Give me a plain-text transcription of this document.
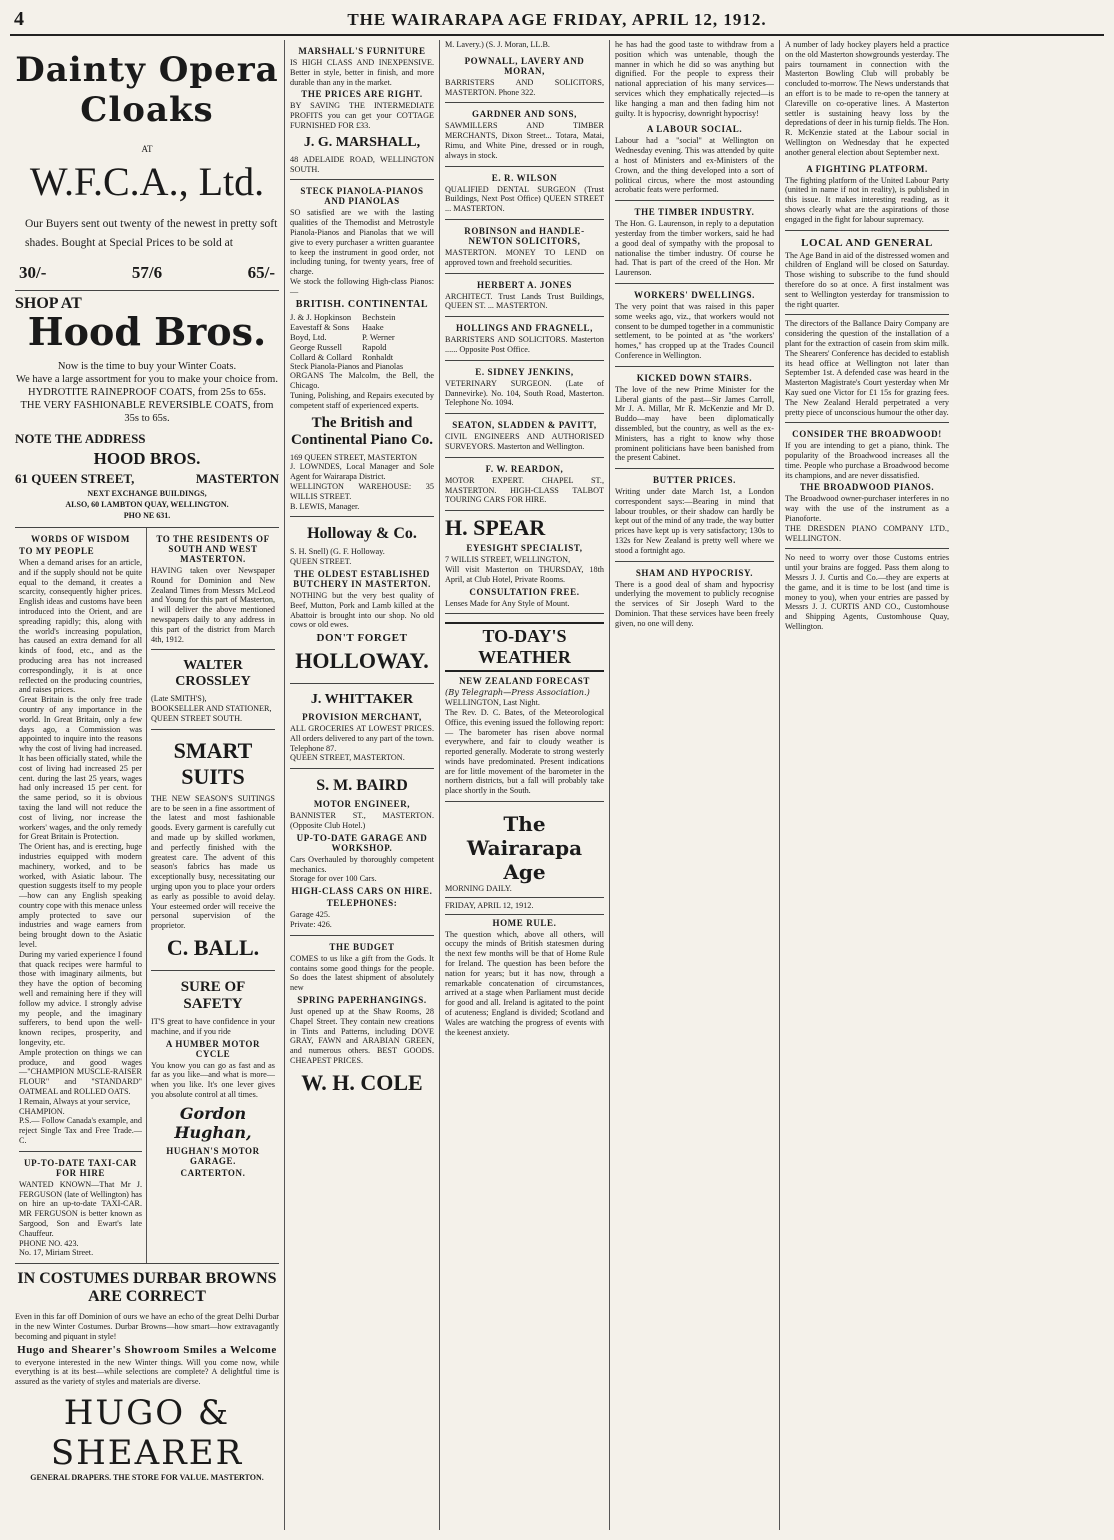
4	THE WAIRARAPA AGE FRIDAY, APRIL 12, 1912.
Dainty Opera Cloaks
AT
W.F.C.A., Ltd.

Our Buyers sent out twenty of the newest in pretty soft shades. Bought at Special Prices to be sold at

30/-	57/6	65/-
SHOP AT
Hood Bros.

Now is the time to buy your Winter Coats.

We have a large assortment for you to make your choice from.

HYDROTITE RAINEPROOF COATS, from 25s to 65s.

THE VERY FASHIONABLE REVERSIBLE COATS, from 35s to 65s.

NOTE THE ADDRESS
HOOD BROS.
61 QUEEN STREET,	MASTERTON
NEXT EXCHANGE BUILDINGS,
ALSO, 60 LAMBTON QUAY, WELLINGTON.
PHO NE 631.
WORDS OF WISDOM
TO MY PEOPLE

When a demand arises for an article, and if the supply should not be quite equal to the demand, it creates a scarcity, consequently higher prices. English ideas and customs have been introduced into the Orient, and are spreading rapidly; this, along with the world's increasing population, has caused an extra demand for all kinds of food, etc., and as the producing area has not increased correspondingly, it is at once reflected on the producing countries, and raises prices.

Great Britain is the only free trade country of any importance in the world. In Great Britain, only a few days ago, a Commission was appointed to inquire into the reasons why the cost of living had increased. It has been officially stated, while the cost of living had increased 25 per cent. during the last 25 years, wages had only increased 15 per cent. for the same period, so it is obvious taxing the land will not reduce the cost of living, nor increase the workers' wages, and the only remedy for Great Britain is Protection.

The Orient has, and is erecting, huge industries equipped with modern machinery, worked, and to be worked, with Asiatic labour. The question suggests itself to my people—how can any English speaking country cope with this menace unless amply protected to save our industries and wage earners from being brought down to the Asiatic level.

During my varied experience I found that quack recipes were harmful to those with imaginary ailments, but they have the option of becoming well and remaining here if they will follow my advice. I strongly advise my people, and the imaginary sufferers, to bend upon the well-known recipes, prosperity, and longevity, etc.

Ample protection on things we can produce, and good wages—"CHAMPION MUSCLE-RAISER FLOUR" and "STANDARD" OATMEAL and ROLLED OATS.

I Remain, Always at your service,

CHAMPION.

P.S.— Follow Canada's example, and reject Single Tax and Free Trade.—C.

UP-TO-DATE TAXI-CAR FOR HIRE

WANTED KNOWN—That Mr J. FERGUSON (late of Wellington) has on hire an up-to-date TAXI-CAR. MR FERGUSON is better known as Sargood, Son and Ewart's late Chauffeur.

PHONE NO. 423.

No. 17, Miriam Street.

TO THE RESIDENTS OF SOUTH AND WEST MASTERTON.

HAVING taken over Newspaper Round for Dominion and New Zealand Times from Messrs McLeod and Young for this part of Masterton, I will deliver the above mentioned newspapers daily to any address in this part of the district from March 4th, 1912.

WALTER CROSSLEY

(Late SMITH'S),

BOOKSELLER AND STATIONER,

QUEEN STREET SOUTH.

SMART SUITS

THE NEW SEASON'S SUITINGS are to be seen in a fine assortment of the latest and most fashionable goods. Every garment is carefully cut and made up by skilled workmen, and perfectly finished with the greatest care. The advent of this season's fabrics has made us exceptionally busy, necessitating our urging upon you to place your orders as early as possible to avoid delay. Your esteemed order will receive the personal supervision of the proprietor.

C. BALL.
SURE OF SAFETY

IT'S great to have confidence in your machine, and if you ride

A HUMBER MOTOR CYCLE

You know you can go as fast and as far as you like—and what is more—when you like. It's one lever gives you absolute control at all times.

Gordon Hughan,
HUGHAN'S MOTOR GARAGE.
CARTERTON.
IN COSTUMES DURBAR BROWNS ARE CORRECT

Even in this far off Dominion of ours we have an echo of the great Delhi Durbar in the new Winter Costumes. Durbar Browns—how smart—how extravagantly becoming and piquant in style!

Hugo and Shearer's Showroom Smiles a Welcome

to everyone interested in the new Winter things. Will you come now, while everything is at its best—while selections are complete? A delightful time is assured as the variety of styles and materials are diverse.

HUGO & SHEARER
GENERAL DRAPERS. THE STORE FOR VALUE. MASTERTON.
MARSHALL'S FURNITURE

IS HIGH CLASS AND INEXPENSIVE. Better in style, better in finish, and more durable than any in the market.

THE PRICES ARE RIGHT.

BY SAVING THE INTERMEDIATE PROFITS you can get your COTTAGE FURNISHED FOR £33.

J. G. MARSHALL,

48 ADELAIDE ROAD, WELLINGTON SOUTH.

STECK PIANOLA-PIANOS AND PIANOLAS

SO satisfied are we with the lasting qualities of the Themodist and Metrostyle Pianola-Pianos and Pianolas that we will give to every purchaser a written guarantee to keep the instrument in good order, not including tuning, for twenty years, free of charge.

We stock the following High-class Pianos:—

BRITISH. CONTINENTAL
J. & J. Hopkinson	Bechstein
Eavestaff & Sons	Haake
Boyd, Ltd.	P. Werner
George Russell	Rapold
Collard & Collard	Ronhaldt

Steck Pianola-Pianos and Pianolas

ORGANS The Malcolm, the Bell, the Chicago.

Tuning, Polishing, and Repairs executed by competent staff of experienced experts.

The British and Continental Piano Co.

169 QUEEN STREET, MASTERTON

J. LOWNDES, Local Manager and Sole Agent for Wairarapa District.

WELLINGTON WAREHOUSE: 35 WILLIS STREET.

B. LEWIS, Manager.

Holloway & Co.

S. H. Snell) (G. F. Holloway.

QUEEN STREET.

THE OLDEST ESTABLISHED BUTCHERY IN MASTERTON.

NOTHING but the very best quality of Beef, Mutton, Pork and Lamb killed at the Abattoir is brought into our shop. No old cows or old ewes.

DON'T FORGET
HOLLOWAY.
J. WHITTAKER
PROVISION MERCHANT,

ALL GROCERIES AT LOWEST PRICES. All orders delivered to any part of the town.

Telephone 87.

QUEEN STREET, MASTERTON.

S. M. BAIRD
MOTOR ENGINEER,

BANNISTER ST., MASTERTON. (Opposite Club Hotel.)

UP-TO-DATE GARAGE AND WORKSHOP.

Cars Overhauled by thoroughly competent mechanics.

Storage for over 100 Cars.

HIGH-CLASS CARS ON HIRE.
TELEPHONES:

Garage 425.

Private: 426.

THE BUDGET

COMES to us like a gift from the Gods. It contains some good things for the people. So does the latest shipment of absolutely new

SPRING PAPERHANGINGS.

Just opened up at the Shaw Rooms, 28 Chapel Street. They contain new creations in Tints and Patterns, including DOVE GRAY, FAWN and ARABIAN GREEN, and numerous others. BEST GOODS. CHEAPEST PRICES.

W. H. COLE

M. Lavery.) (S. J. Moran, LL.B.

POWNALL, LAVERY AND MORAN,

BARRISTERS AND SOLICITORS, MASTERTON. Phone 322.

GARDNER AND SONS,

SAWMILLERS AND TIMBER MERCHANTS, Dixon Street... Totara, Matai, Rimu, and White Pine, dressed or in rough, always in stock.

E. R. WILSON

QUALIFIED DENTAL SURGEON (Trust Buildings, Next Post Office) QUEEN STREET ... MASTERTON.

ROBINSON and HANDLE-NEWTON SOLICITORS,

MASTERTON. MONEY TO LEND on approved town and freehold securities.

HERBERT A. JONES

ARCHITECT. Trust Lands Trust Buildings, QUEEN ST. ... MASTERTON.

HOLLINGS AND FRAGNELL,

BARRISTERS AND SOLICITORS. Masterton ...... Opposite Post Office.

E. SIDNEY JENKINS,

VETERINARY SURGEON. (Late of Dannevirke). No. 104, South Road, Masterton. Telephone No. 1094.

SEATON, SLADDEN & PAVITT,

CIVIL ENGINEERS AND AUTHORISED SURVEYORS. Masterton and Wellington.

F. W. REARDON,

MOTOR EXPERT. CHAPEL ST., MASTERTON. HIGH-CLASS TALBOT TOURING CARS FOR HIRE.

H. SPEAR
EYESIGHT SPECIALIST,

7 WILLIS STREET, WELLINGTON,

Will visit Masterton on THURSDAY, 18th April, at Club Hotel, Private Rooms.

CONSULTATION FREE.

Lenses Made for Any Style of Mount.

TO-DAY'S WEATHER
NEW ZEALAND FORECAST

(By Telegraph—Press Association.)

WELLINGTON, Last Night.

The Rev. D. C. Bates, of the Meteorological Office, this evening issued the following report:— The barometer has risen above normal everywhere, and fair to cloudy weather is reported generally. Moderate to strong westerly winds have predominated. Present indications are for little movement of the barometer in the northern districts, but a fall will probably take place shortly in the South.

The Wairarapa Age

MORNING DAILY.

FRIDAY, APRIL 12, 1912.

HOME RULE.

The question which, above all others, will occupy the minds of British statesmen during the next few months will be that of Home Rule for Ireland. The question has been before the nation for years; but it has now, through a remarkable concatenation of circumstances, arrived at a stage when Parliament must decide for good and all. Ireland is agitated to the point of acuteness; England is divided; Scotland and Wales are watching the progress of events with the keenest anxiety.

he has had the good taste to withdraw from a position which was untenable, though the manner in which he did so was anything but dignified. For the people to express their national appreciation of his many services—services which they emphatically rejected—is like hanging a man and then fading him not guilty. It is hypocrisy, downright hypocrisy!

A LABOUR SOCIAL.

Labour had a "social" at Wellington on Wednesday evening. This was attended by quite a host of Ministers and ex-Ministers of the Crown, and the thing developed into a sort of political circus, where the most astounding acrobatic feats were performed.

THE TIMBER INDUSTRY.

The Hon. G. Laurenson, in reply to a deputation yesterday from the timber workers, said he had a good deal of sympathy with the proposal to nationalise the timber industry. Of course he had. That is part of the creed of the Hon. Mr Laurenson.

WORKERS' DWELLINGS.

The very point that was raised in this paper some weeks ago, viz., that workers would not consent to be dumped together in a communistic settlement, to be pointed at as "the workers' homes," has cropped up at the Trades Council Conference in Wellington.

KICKED DOWN STAIRS.

The love of the new Prime Minister for the Liberal giants of the past—Sir James Carroll, Mr J. A. Millar, Mr R. McKenzie and Mr D. Buddo—may have been diplomatically dissembled, but the country, as well as the ex-Ministers, has a right to know why those prominent politicians have been banished from the present Cabinet.

BUTTER PRICES.

Writing under date March 1st, a London correspondent says:—Bearing in mind that labour troubles, or their shadow can hardly be kept out of the mind of any trade, the way butter prices have kept up is very satisfactory; 130s to 132s for New Zealand is pretty well where we stood a fortnight ago.

SHAM AND HYPOCRISY.

There is a good deal of sham and hypocrisy underlying the movement to publicly recognise the services of Sir Joseph Ward to the Dominion. That these services have been freely given, no one will deny.

A number of lady hockey players held a practice on the old Masterton showgrounds yesterday. The pairs tournament in connection with the Masterton Bowling Club will probably be concluded to-morrow. The News understands that an effort is to be made to re-open the tannery at Clareville on co-operative lines. A Masterton settler is sustaining heavy loss by the depredations of deer in his turnip fields. The Hon. R. McKenzie stated at the Labour social in Wellington on Wednesday that he expected another general election about September next.

A FIGHTING PLATFORM.

The fighting platform of the United Labour Party (united in name if not in reality), is published in this issue. It makes interesting reading, as it shows clearly what are the aspirations of those engaged in the fight for labour supremacy.

LOCAL AND GENERAL

The Age Band in aid of the distressed women and children of England will be closed on Saturday. Those wishing to subscribe to the fund should therefore do so at once. A first instalment was sent to Wellington yesterday for transmission to the right quarter.

The directors of the Ballance Dairy Company are considering the question of the installation of a plant for the extraction of casein from skim milk. The Shearers' Conference has decided to establish its head office at Wellington not later than September 1st. A defended case was heard in the Masterton Magistrate's Court yesterday when Mr Kay sued one Victor for £1 15s for grazing fees. The New Zealand Herald perpetrated a very pretty piece of unconscious humour the other day.

CONSIDER THE BROADWOOD!

If you are intending to get a piano, think. The popularity of the Broadwood increases all the time. People who purchase a Broadwood become its champions, and are never dissatisfied.

THE BROADWOOD PIANOS.

The Broadwood owner-purchaser interferes in no way with the use of the instrument as a Pianoforte.

THE DRESDEN PIANO COMPANY LTD., WELLINGTON.

No need to worry over those Customs entries until your brains are fogged. Pass them along to Messrs J. J. Curtis and Co.—they are experts at the game, and it is time to be lost (and time is money to you), when your entries are passed by Messrs J. J. CURTIS AND CO., Customhouse and Shipping Agents, Customhouse Quay, Wellington.
